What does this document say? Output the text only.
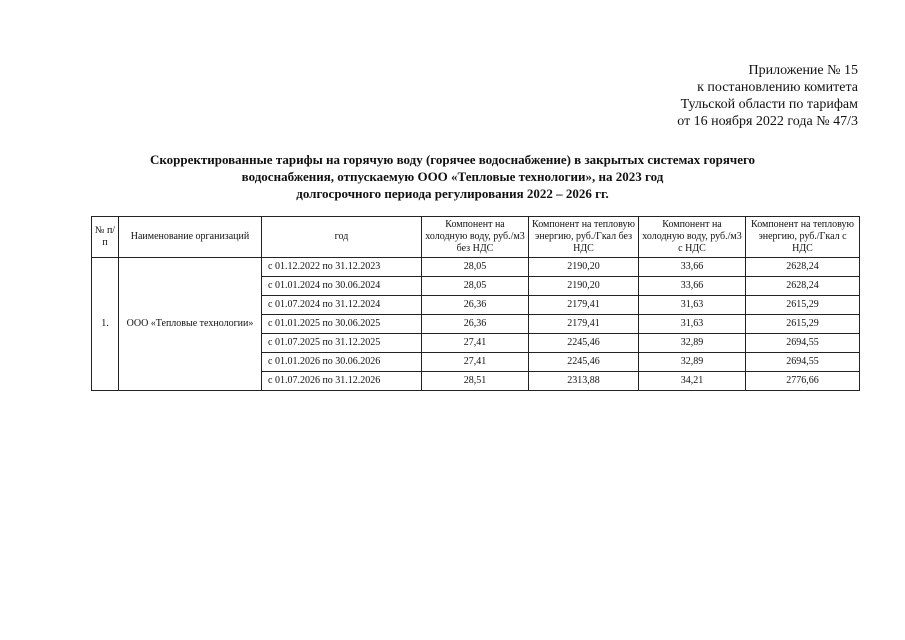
Приложение № 15
к постановлению комитета
Тульской области по тарифам
от 16 ноября 2022 года № 47/3
Скорректированные тарифы на горячую воду (горячее водоснабжение) в закрытых системах горячего
водоснабжения, отпускаемую ООО «Тепловые технологии», на 2023 год
долгосрочного периода регулирования 2022 – 2026 гг.
№ п/п	Наименование организаций	год	Компонент на холодную воду, руб./м3 без НДС	Компонент на тепловую энергию, руб./Гкал без НДС	Компонент на холодную воду, руб./м3 с НДС	Компонент на тепловую энергию, руб./Гкал с НДС
1.	ООО «Тепловые технологии»	с 01.12.2022 по 31.12.2023	28,05	2190,20	33,66	2628,24
		с 01.01.2024 по 30.06.2024	28,05	2190,20	33,66	2628,24
		с 01.07.2024 по 31.12.2024	26,36	2179,41	31,63	2615,29
		с 01.01.2025 по 30.06.2025	26,36	2179,41	31,63	2615,29
		с 01.07.2025 по 31.12.2025	27,41	2245,46	32,89	2694,55
		с 01.01.2026 по 30.06.2026	27,41	2245,46	32,89	2694,55
		с 01.07.2026 по 31.12.2026	28,51	2313,88	34,21	2776,66
